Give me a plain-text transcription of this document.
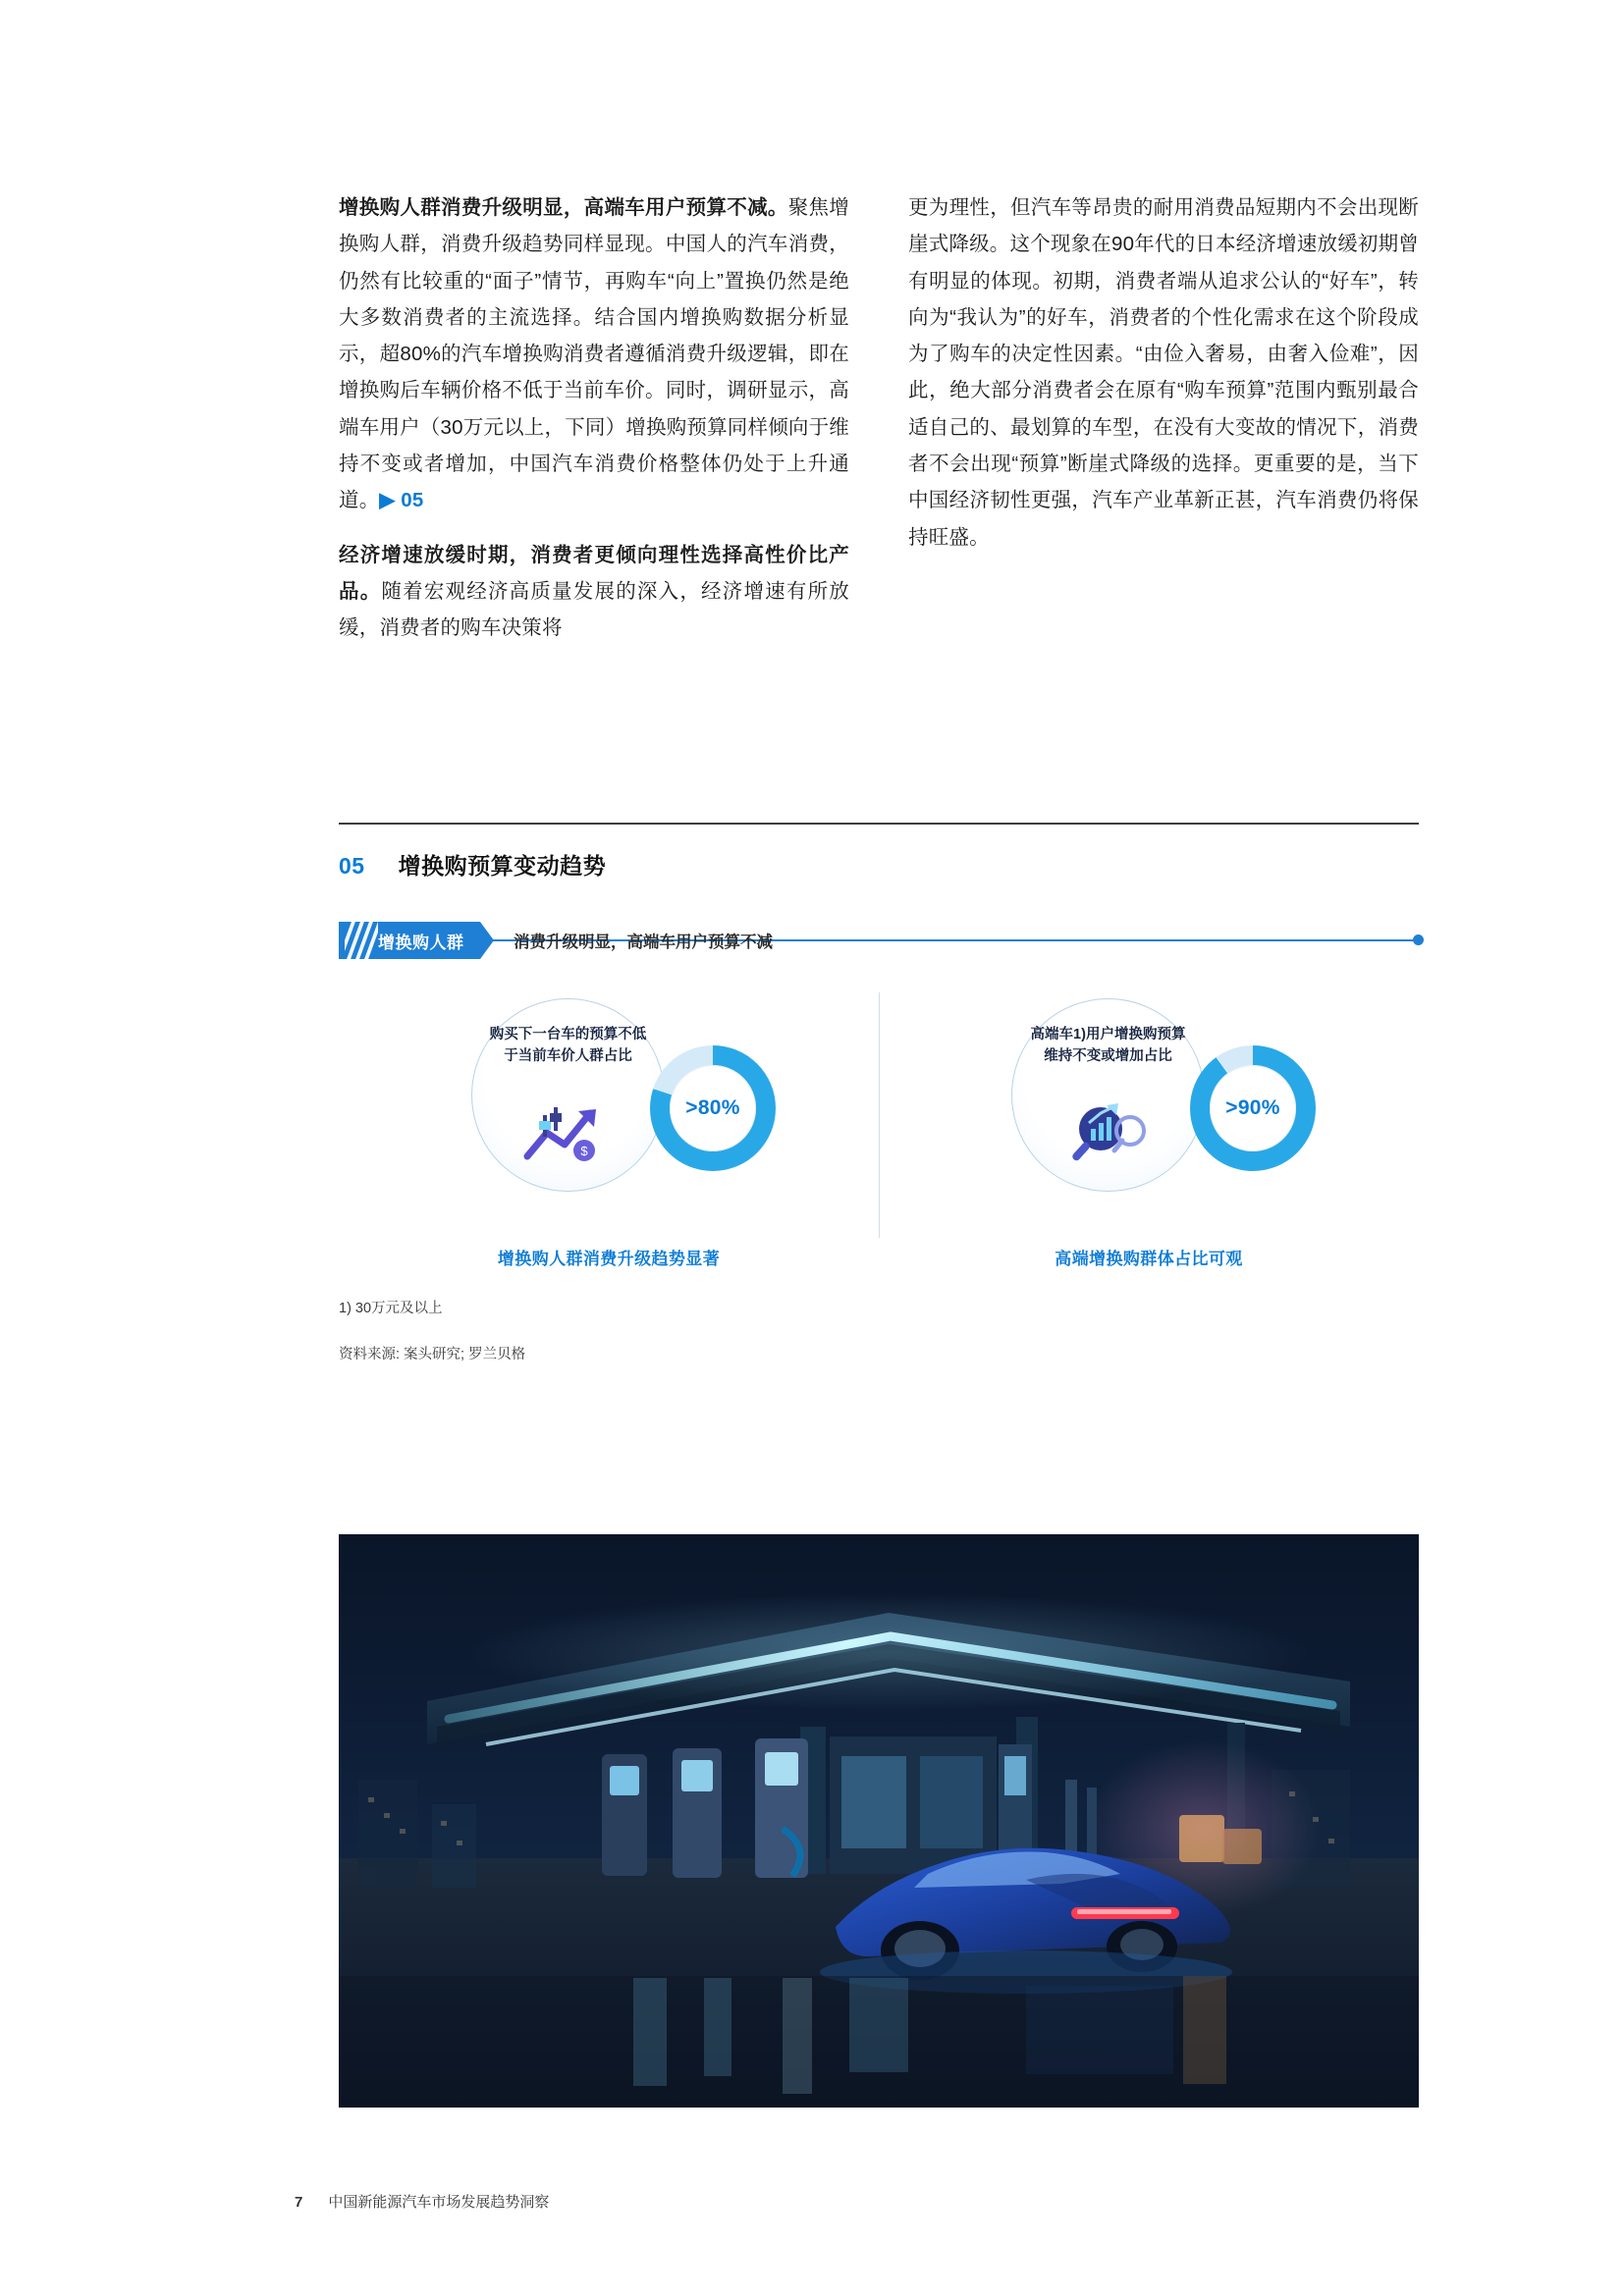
增换购人群消费升级明显，高端车用户预算不减。聚焦增换购人群，消费升级趋势同样显现。中国人的汽车消费，仍然有比较重的“面子”情节，再购车“向上”置换仍然是绝大多数消费者的主流选择。结合国内增换购数据分析显示，超80%的汽车增换购消费者遵循消费升级逻辑，即在增换购后车辆价格不低于当前车价。同时，调研显示，高端车用户（30万元以上，下同）增换购预算同样倾向于维持不变或者增加，中国汽车消费价格整体仍处于上升通道。▶ 05

经济增速放缓时期，消费者更倾向理性选择高性价比产品。随着宏观经济高质量发展的深入，经济增速有所放缓，消费者的购车决策将

更为理性，但汽车等昂贵的耐用消费品短期内不会出现断崖式降级。这个现象在90年代的日本经济增速放缓初期曾有明显的体现。初期，消费者端从追求公认的“好车”，转向为“我认为”的好车，消费者的个性化需求在这个阶段成为了购车的决定性因素。“由俭入奢易，由奢入俭难”，因此，绝大部分消费者会在原有“购车预算”范围内甄别最合适自己的、最划算的车型，在没有大变故的情况下，消费者不会出现“预算”断崖式降级的选择。更重要的是，当下中国经济韧性更强，汽车产业革新正甚，汽车消费仍将保持旺盛。

05 增换购预算变动趋势
增换购人群	消费升级明显，高端车用户预算不减
购买下一台车的预算不低于当前车价人群占比
$
>80%
增换购人群消费升级趋势显著
高端车1)用户增换购预算维持不变或增加占比
>90%
高端增换购群体占比可观
1) 30万元及以上
资料来源: 案头研究; 罗兰贝格
7 中国新能源汽车市场发展趋势洞察
